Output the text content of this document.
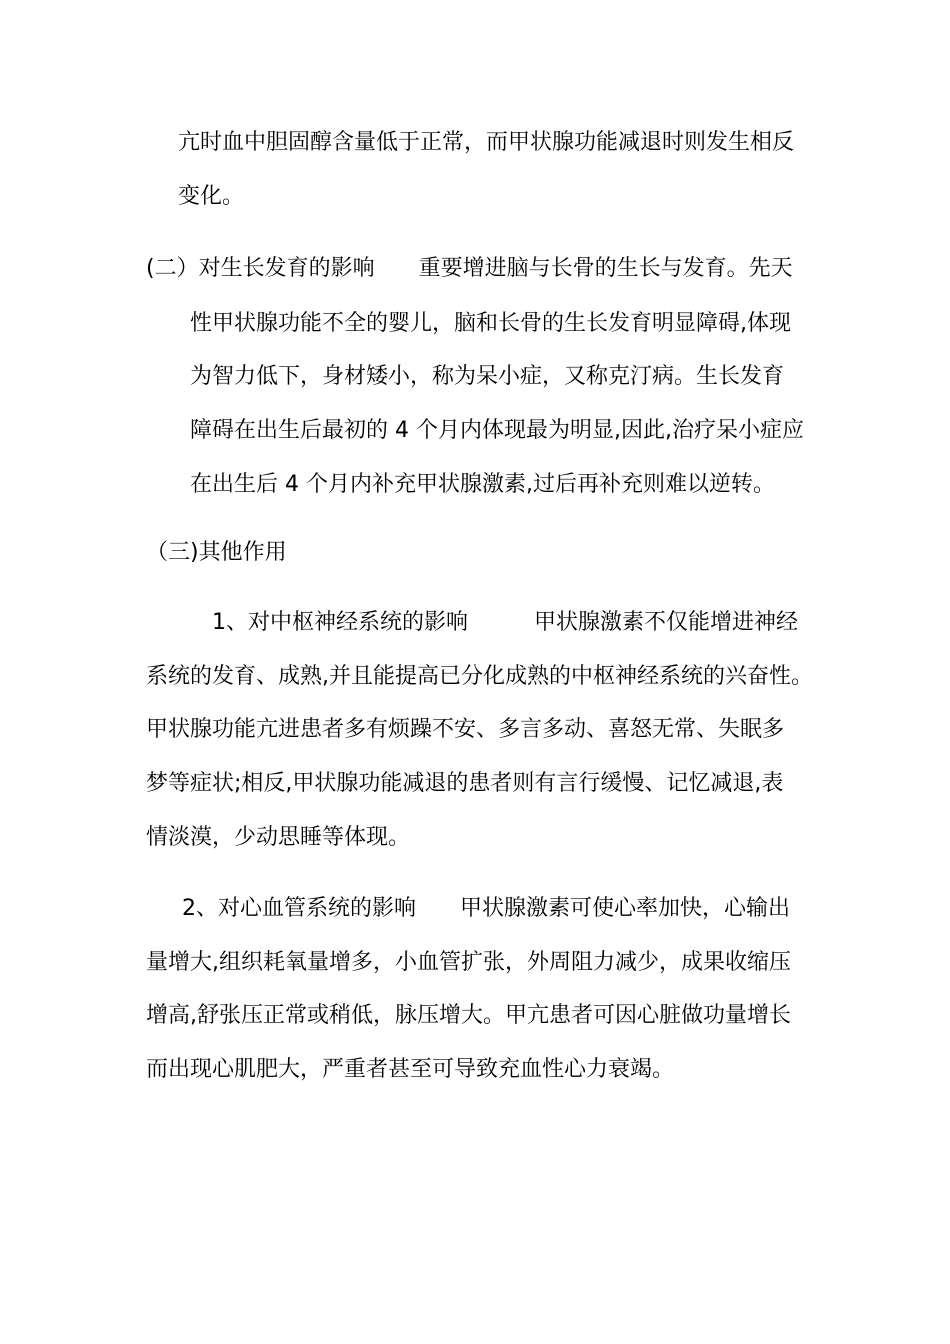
亢时血中胆固醇含量低于正常，而甲状腺功能减退时则发生相反
变化。
(二）对生长发育的影响　　重要增进脑与长骨的生长与发育。先天
性甲状腺功能不全的婴儿，脑和长骨的生长发育明显障碍,体现
为智力低下，身材矮小，称为呆小症，又称克汀病。生长发育
障碍在出生后最初的 4 个月内体现最为明显,因此,治疗呆小症应
在出生后 4 个月内补充甲状腺激素,过后再补充则难以逆转。
（三)其他作用
1、对中枢神经系统的影响　　　甲状腺激素不仅能增进神经
系统的发育、成熟,并且能提高已分化成熟的中枢神经系统的兴奋性。
甲状腺功能亢进患者多有烦躁不安、多言多动、喜怒无常、失眠多
梦等症状;相反,甲状腺功能减退的患者则有言行缓慢、记忆减退,表
情淡漠，少动思睡等体现。
2、对心血管系统的影响　　甲状腺激素可使心率加快，心输出
量增大,组织耗氧量增多，小血管扩张，外周阻力减少，成果收缩压
增高,舒张压正常或稍低，脉压增大。甲亢患者可因心脏做功量增长
而出现心肌肥大，严重者甚至可导致充血性心力衰竭。
